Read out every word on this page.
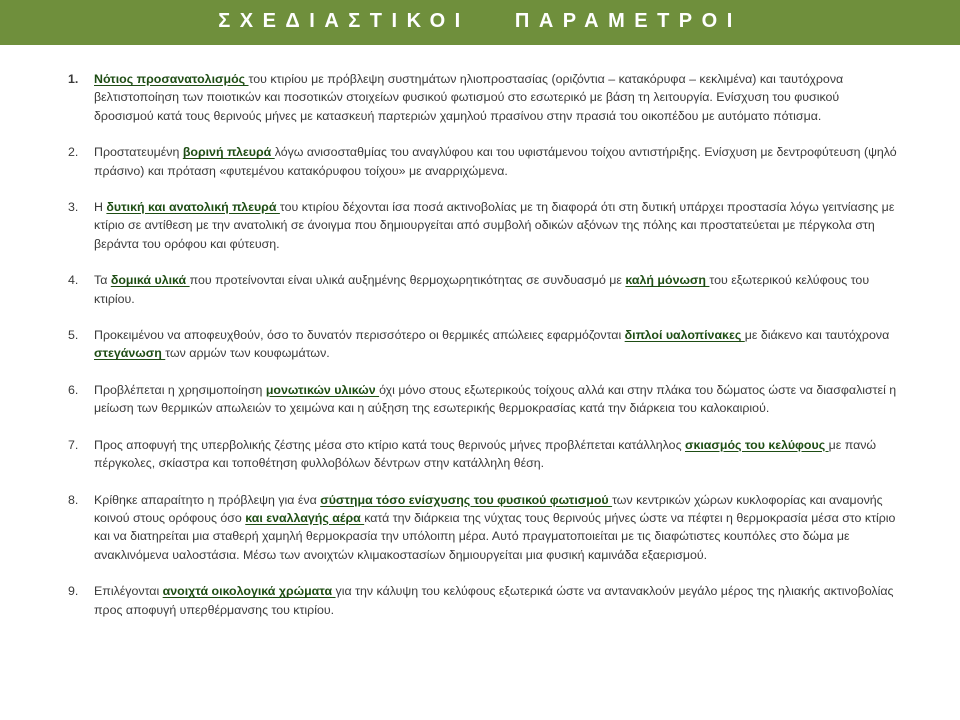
ΣΧΕΔΙΑΣΤΙΚΟΙ   ΠΑΡΑΜΕΤΡΟΙ
1.	Νότιος προσανατολισμός του κτιρίου με πρόβλεψη συστημάτων ηλιοπροστασίας (οριζόντια – κατακόρυφα – κεκλιμένα) και ταυτόχρονα βελτιστοποίηση των ποιοτικών και ποσοτικών στοιχείων φυσικού φωτισμού στο εσωτερικό με βάση τη λειτουργία. Ενίσχυση του φυσικού δροσισμού κατά τους θερινούς μήνες με κατασκευή παρτεριών χαμηλού πρασίνου στην πρασιά του οικοπέδου με αυτόματο πότισμα.
2.	Προστατευμένη βορινή πλευρά λόγω ανισοσταθμίας του αναγλύφου και του υφιστάμενου τοίχου αντιστήριξης. Ενίσχυση με δεντροφύτευση (ψηλό πράσινο) και πρόταση «φυτεμένου κατακόρυφου τοίχου» με αναρριχώμενα.
3.	Η δυτική και ανατολική πλευρά του κτιρίου δέχονται ίσα ποσά ακτινοβολίας με τη διαφορά ότι στη δυτική υπάρχει προστασία λόγω γειτνίασης με κτίριο σε αντίθεση με την ανατολική σε άνοιγμα που δημιουργείται από συμβολή οδικών αξόνων της πόλης και προστατεύεται με πέργκολα στη βεράντα του ορόφου και φύτευση.
4.	Τα δομικά υλικά που προτείνονται είναι υλικά αυξημένης θερμοχωρητικότητας σε συνδυασμό με καλή μόνωση του εξωτερικού κελύφους του κτιρίου.
5.	Προκειμένου να αποφευχθούν, όσο το δυνατόν περισσότερο οι θερμικές απώλειες εφαρμόζονται διπλοί υαλοπίνακες με διάκενο και ταυτόχρονα στεγάνωση των αρμών των κουφωμάτων.
6.	Προβλέπεται η χρησιμοποίηση μονωτικών υλικών όχι μόνο στους εξωτερικούς τοίχους αλλά και στην πλάκα του δώματος ώστε να διασφαλιστεί η μείωση των θερμικών απωλειών το χειμώνα και η αύξηση της εσωτερικής θερμοκρασίας κατά την διάρκεια του καλοκαιριού.
7.	Προς αποφυγή της υπερβολικής ζέστης μέσα στο κτίριο κατά τους θερινούς μήνες προβλέπεται κατάλληλος σκιασμός του κελύφους με πανώ πέργκολες, σκίαστρα και τοποθέτηση φυλλοβόλων δέντρων στην κατάλληλη θέση.
8.	Κρίθηκε απαραίτητο η πρόβλεψη για ένα σύστημα τόσο ενίσχυσης του φυσικού φωτισμού των κεντρικών χώρων κυκλοφορίας και αναμονής κοινού στους ορόφους όσο και εναλλαγής αέρα κατά την διάρκεια της νύχτας τους θερινούς μήνες ώστε να πέφτει η θερμοκρασία μέσα στο κτίριο και να διατηρείται μια σταθερή χαμηλή θερμοκρασία την υπόλοιπη μέρα. Αυτό πραγματοποιείται με τις διαφώτιστες κουπόλες στο δώμα με ανακλινόμενα υαλοστάσια. Μέσω των ανοιχτών κλιμακοστασίων δημιουργείται μια φυσική καμινάδα εξαερισμού.
9.	Επιλέγονται ανοιχτά οικολογικά χρώματα για την κάλυψη του κελύφους εξωτερικά ώστε να αντανακλούν μεγάλο μέρος της ηλιακής ακτινοβολίας προς αποφυγή υπερθέρμανσης του κτιρίου.
